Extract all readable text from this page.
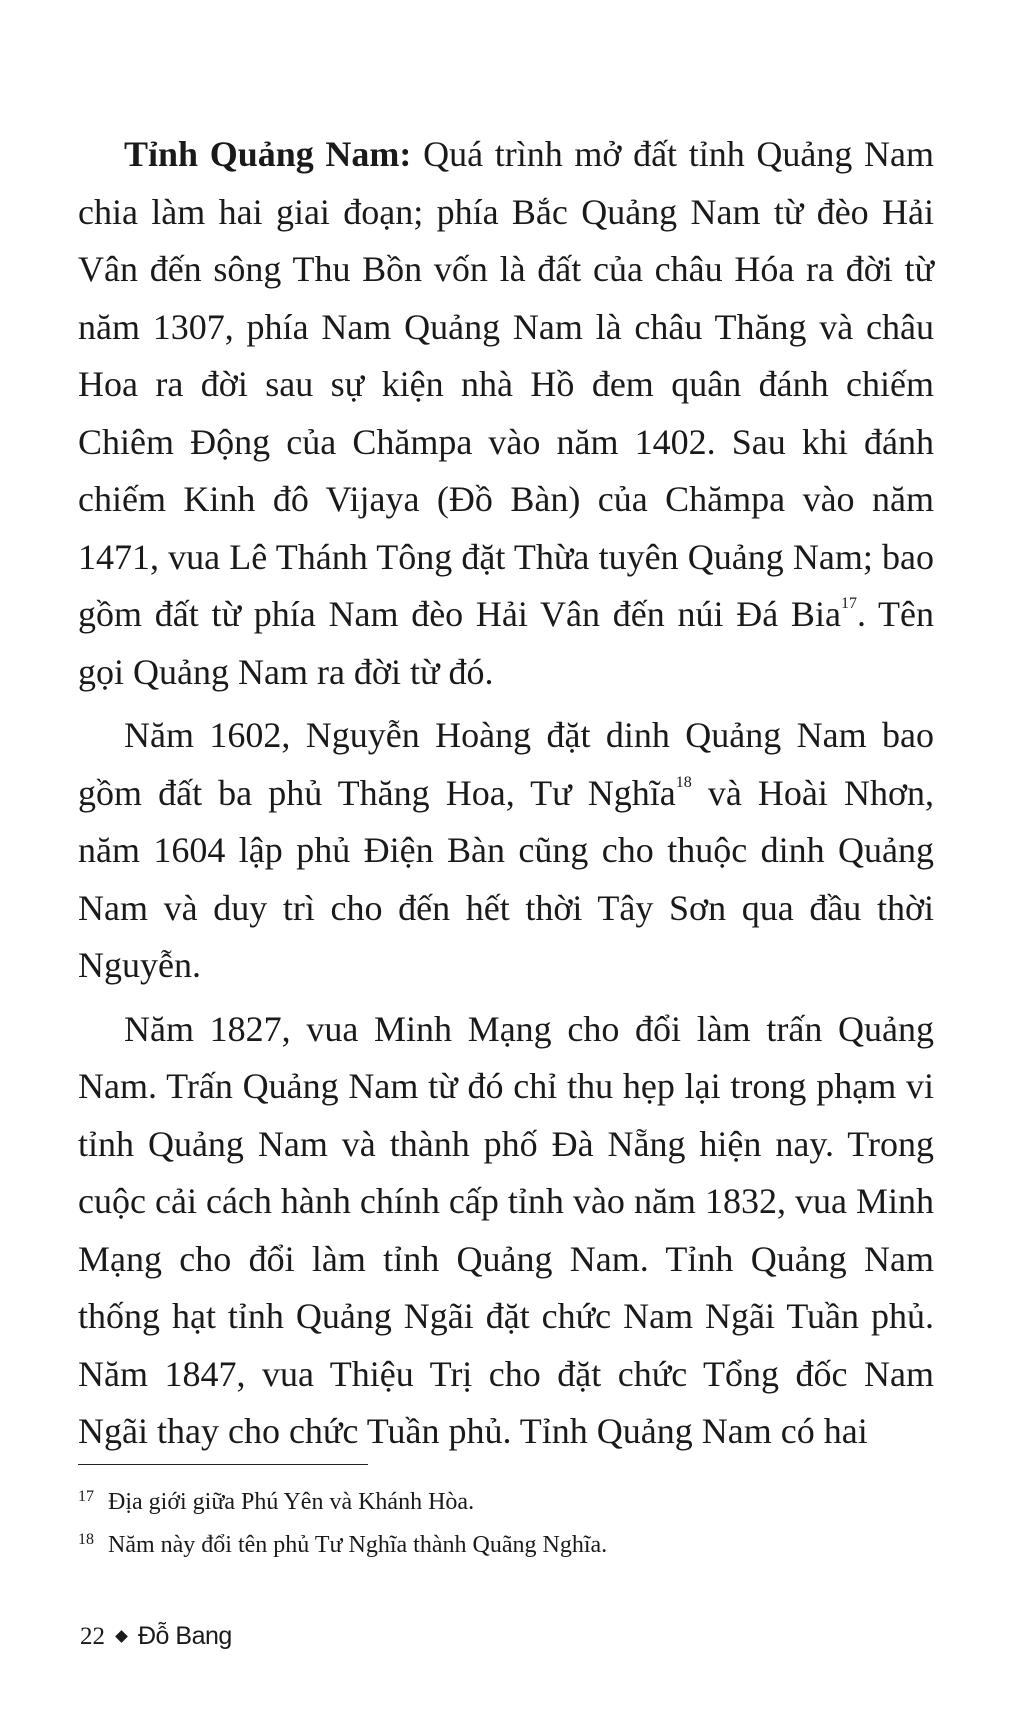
Tỉnh Quảng Nam: Quá trình mở đất tỉnh Quảng Nam chia làm hai giai đoạn; phía Bắc Quảng Nam từ đèo Hải Vân đến sông Thu Bồn vốn là đất của châu Hóa ra đời từ năm 1307, phía Nam Quảng Nam là châu Thăng và châu Hoa ra đời sau sự kiện nhà Hồ đem quân đánh chiếm Chiêm Động của Chămpa vào năm 1402. Sau khi đánh chiếm Kinh đô Vijaya (Đồ Bàn) của Chămpa vào năm 1471, vua Lê Thánh Tông đặt Thừa tuyên Quảng Nam; bao gồm đất từ phía Nam đèo Hải Vân đến núi Đá Bia$^{17}$. Tên gọi Quảng Nam ra đời từ đó.

Năm 1602, Nguyễn Hoàng đặt dinh Quảng Nam bao gồm đất ba phủ Thăng Hoa, Tư Nghĩa$^{18}$ và Hoài Nhơn, năm 1604 lập phủ Điện Bàn cũng cho thuộc dinh Quảng Nam và duy trì cho đến hết thời Tây Sơn qua đầu thời Nguyễn.

Năm 1827, vua Minh Mạng cho đổi làm trấn Quảng Nam. Trấn Quảng Nam từ đó chỉ thu hẹp lại trong phạm vi tỉnh Quảng Nam và thành phố Đà Nẵng hiện nay. Trong cuộc cải cách hành chính cấp tỉnh vào năm 1832, vua Minh Mạng cho đổi làm tỉnh Quảng Nam. Tỉnh Quảng Nam thống hạt tỉnh Quảng Ngãi đặt chức Nam Ngãi Tuần phủ. Năm 1847, vua Thiệu Trị cho đặt chức Tổng đốc Nam Ngãi thay cho chức Tuần phủ. Tỉnh Quảng Nam có hai

17 Địa giới giữa Phú Yên và Khánh Hòa.
18 Năm này đổi tên phủ Tư Nghĩa thành Quãng Nghĩa.
22 Đỗ Bang
